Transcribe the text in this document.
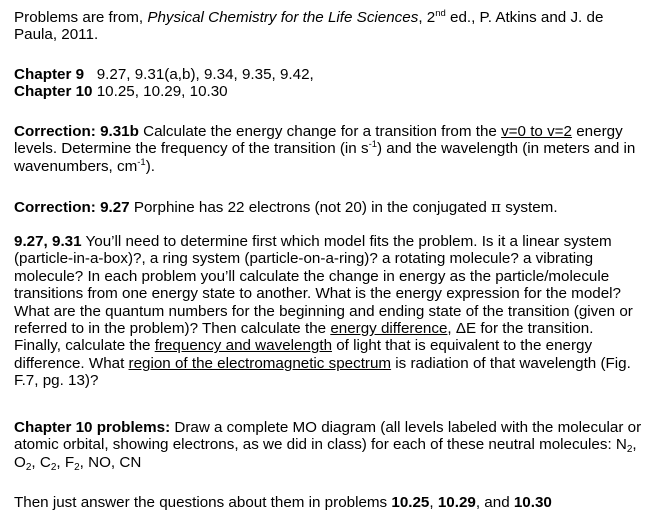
Problems are from, Physical Chemistry for the Life Sciences, 2nd ed., P. Atkins and J. de Paula, 2011.

Chapter 9 9.27, 9.31(a,b), 9.34, 9.35, 9.42,
Chapter 10 10.25, 10.29, 10.30

Correction: 9.31b Calculate the energy change for a transition from the v=0 to v=2 energy levels. Determine the frequency of the transition (in $s^{-1}$) and the wavelength (in meters and in wavenumbers, $cm^{-1}$).

Correction: 9.27 Porphine has 22 electrons (not 20) in the conjugated π system.

9.27, 9.31 You’ll need to determine first which model fits the problem. Is it a linear system (particle-in-a-box)?, a ring system (particle-on-a-ring)? a rotating molecule? a vibrating molecule? In each problem you’ll calculate the change in energy as the particle/molecule transitions from one energy state to another. What is the energy expression for the model? What are the quantum numbers for the beginning and ending state of the transition (given or referred to in the problem)? Then calculate the energy difference, ΔE for the transition. Finally, calculate the frequency and wavelength of light that is equivalent to the energy difference. What region of the electromagnetic spectrum is radiation of that wavelength (Fig. F.7, pg. 13)?

Chapter 10 problems: Draw a complete MO diagram (all levels labeled with the molecular or atomic orbital, showing electrons, as we did in class) for each of these neutral molecules: $N_2$, $O_2$, $C_2$, $F_2$, NO, CN

Then just answer the questions about them in problems 10.25, 10.29, and 10.30
